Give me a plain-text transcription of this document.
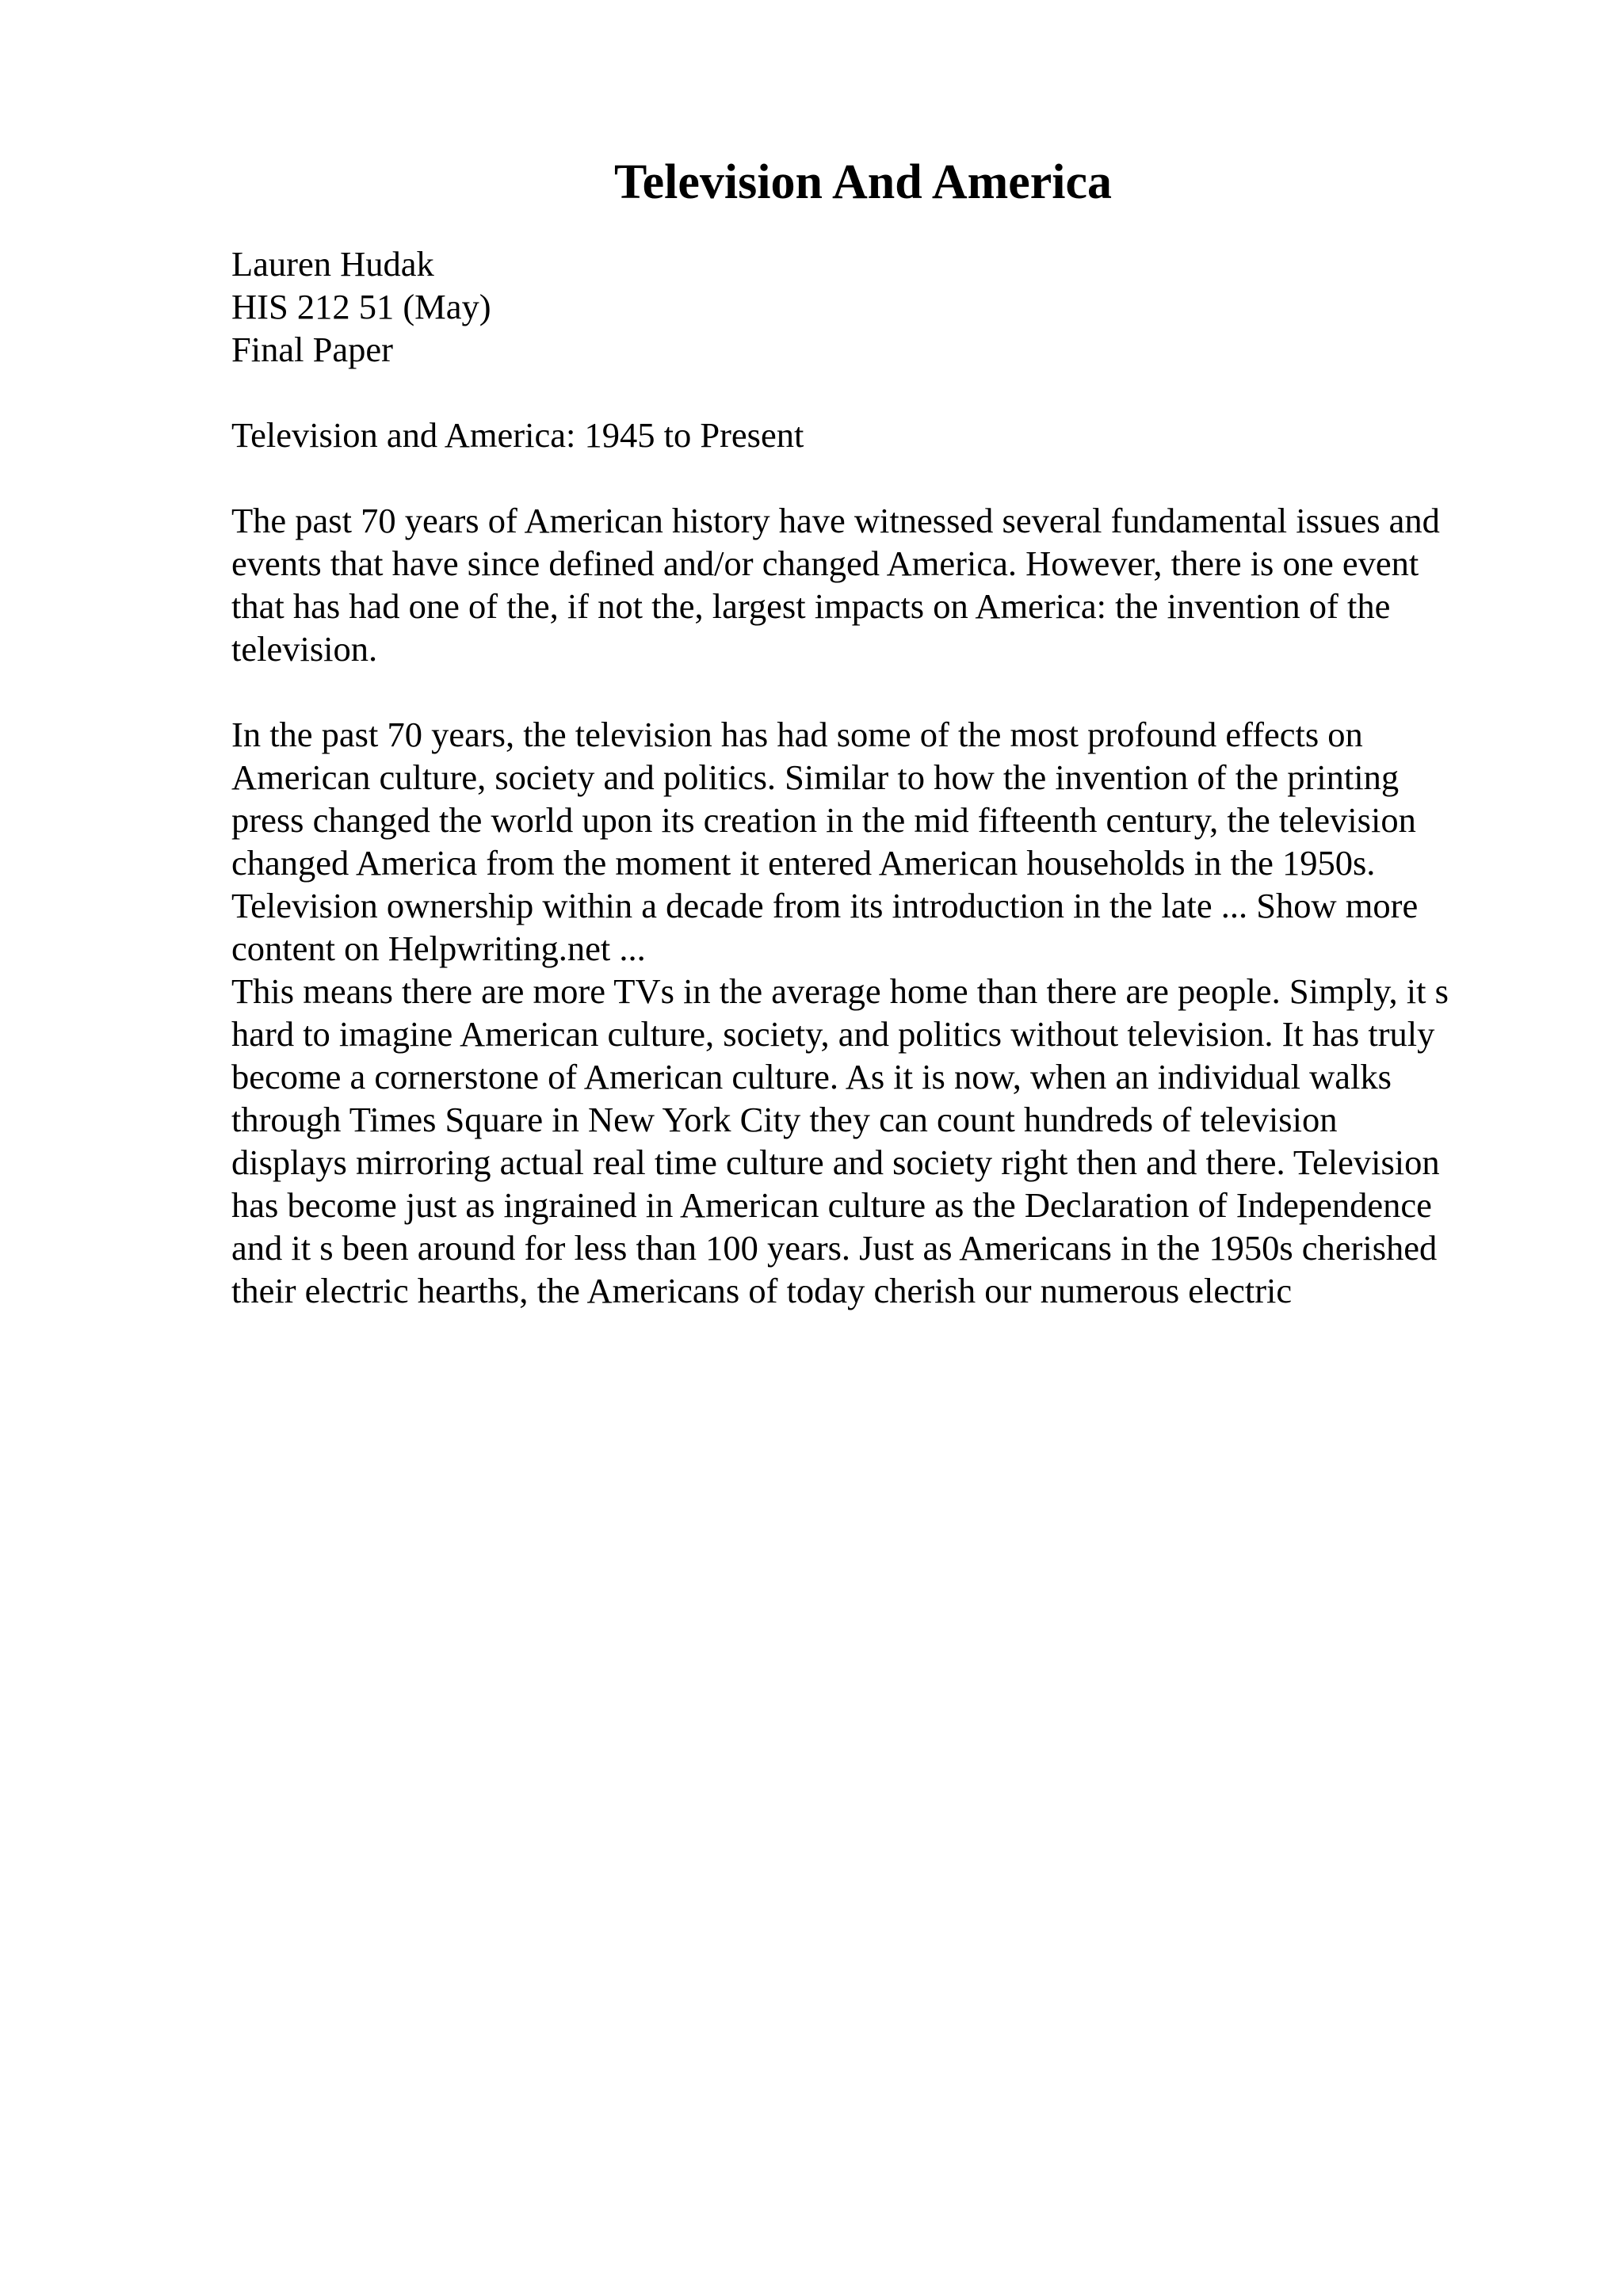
Television And America
Lauren Hudak
HIS 212 51 (May)
Final Paper
Television and America: 1945 to Present
The past 70 years of American history have witnessed several fundamental issues and
events that have since defined and/or changed America. However, there is one event
that has had one of the, if not the, largest impacts on America: the invention of the
television.
In the past 70 years, the television has had some of the most profound effects on
American culture, society and politics. Similar to how the invention of the printing
press changed the world upon its creation in the mid fifteenth century, the television
changed America from the moment it entered American households in the 1950s.
Television ownership within a decade from its introduction in the late ... Show more
content on Helpwriting.net ...
This means there are more TVs in the average home than there are people. Simply, it s
hard to imagine American culture, society, and politics without television. It has truly
become a cornerstone of American culture. As it is now, when an individual walks
through Times Square in New York City they can count hundreds of television
displays mirroring actual real time culture and society right then and there. Television
has become just as ingrained in American culture as the Declaration of Independence
and it s been around for less than 100 years. Just as Americans in the 1950s cherished
their electric hearths, the Americans of today cherish our numerous electric
